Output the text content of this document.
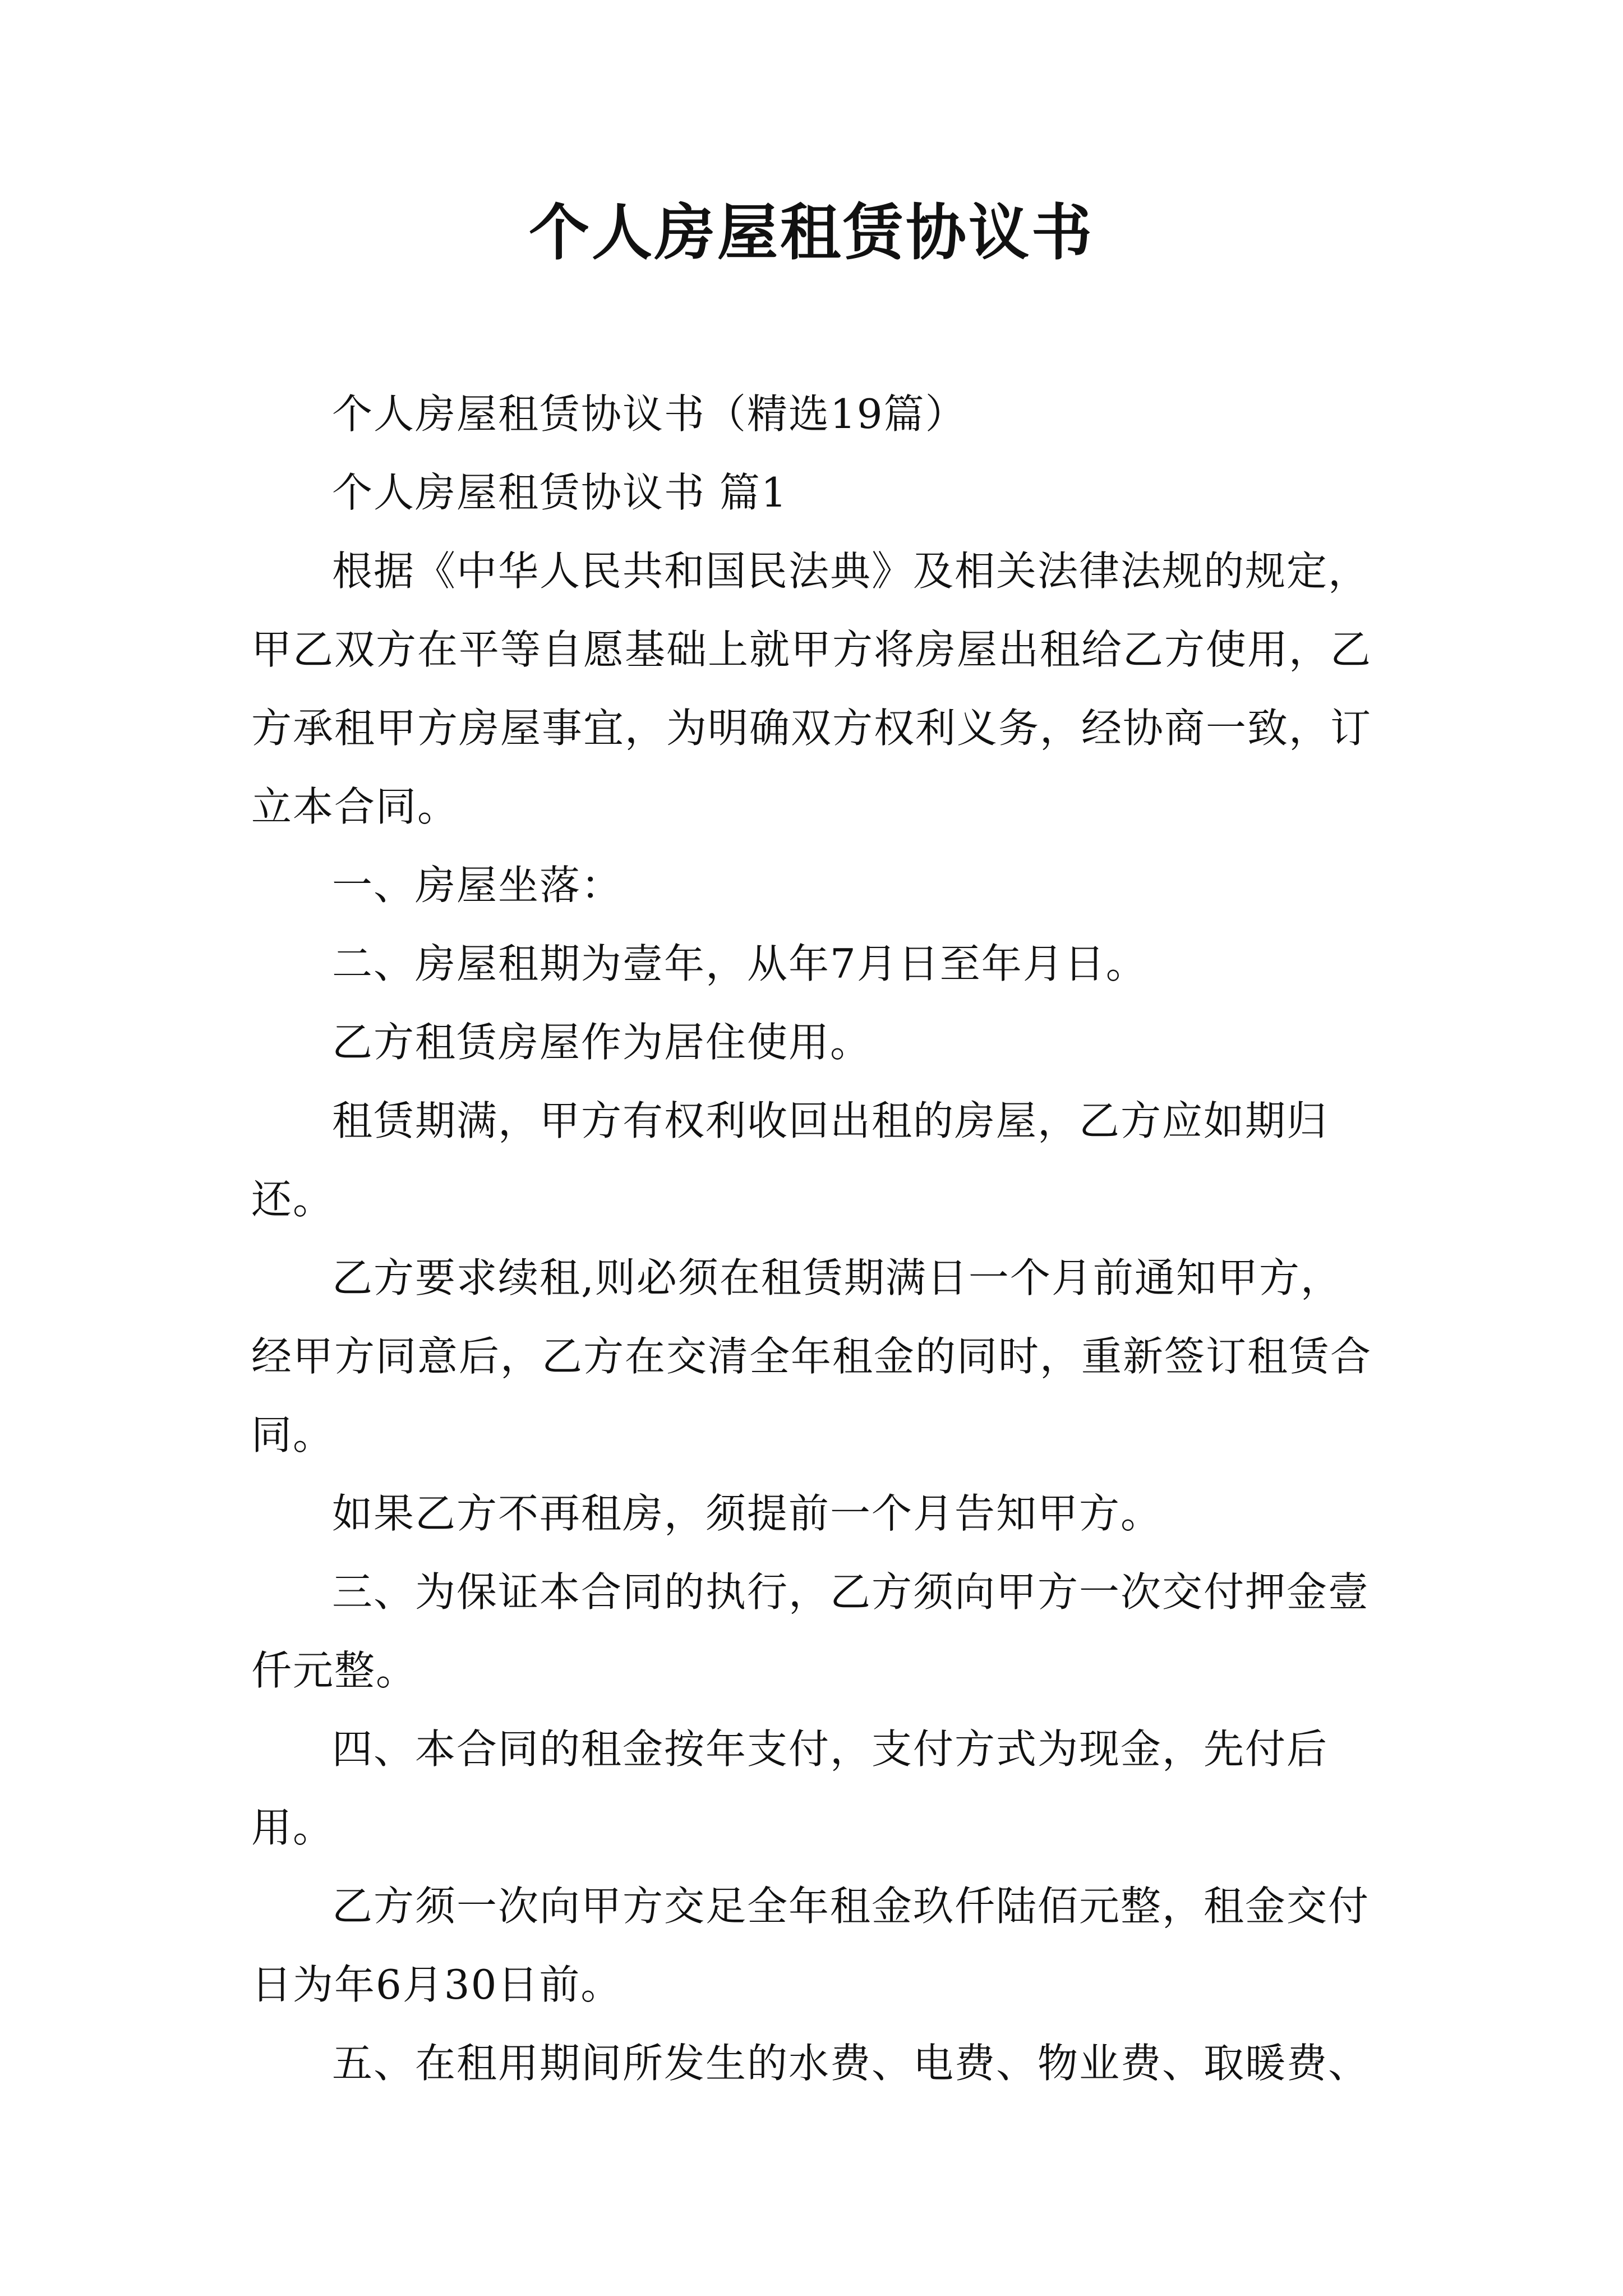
个人房屋租赁协议书

个人房屋租赁协议书（精选19篇）

个人房屋租赁协议书 篇1

根据《中华人民共和国民法典》及相关法律法规的规定，甲乙双方在平等自愿基础上就甲方将房屋出租给乙方使用，乙方承租甲方房屋事宜，为明确双方权利义务，经协商一致，订立本合同。

一、房屋坐落：

二、房屋租期为壹年，从年7月日至年月日。

乙方租赁房屋作为居住使用。

租赁期满，甲方有权利收回出租的房屋，乙方应如期归还。

乙方要求续租,则必须在租赁期满日一个月前通知甲方，经甲方同意后，乙方在交清全年租金的同时，重新签订租赁合同。

如果乙方不再租房，须提前一个月告知甲方。

三、为保证本合同的执行，乙方须向甲方一次交付押金壹仟元整。

四、本合同的租金按年支付，支付方式为现金，先付后用。

乙方须一次向甲方交足全年租金玖仟陆佰元整，租金交付日为年6月30日前。

五、在租用期间所发生的水费、电费、物业费、取暖费、
